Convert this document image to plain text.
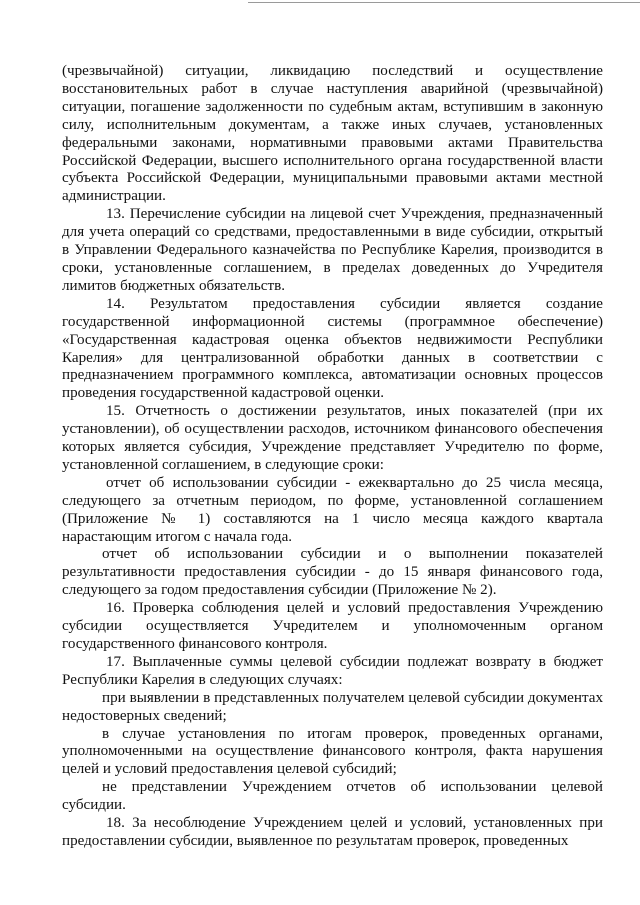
(чрезвычайной) ситуации, ликвидацию последствий и осуществление восстановительных работ в случае наступления аварийной (чрезвычайной) ситуации, погашение задолженности по судебным актам, вступившим в законную силу, исполнительным документам, а также иных случаев, установленных федеральными законами, нормативными правовыми актами Правительства Российской Федерации, высшего исполнительного органа государственной власти субъекта Российской Федерации, муниципальными правовыми актами местной администрации.

13. Перечисление субсидии на лицевой счет Учреждения, предназначенный для учета операций со средствами, предоставленными в виде субсидии, открытый в Управлении Федерального казначейства по Республике Карелия, производится в сроки, установленные соглашением, в пределах доведенных до Учредителя лимитов бюджетных обязательств.

14. Результатом предоставления субсидии является создание государственной информационной системы (программное обеспечение) «Государственная кадастровая оценка объектов недвижимости Республики Карелия» для централизованной обработки данных в соответствии с предназначением программного комплекса, автоматизации основных процессов проведения государственной кадастровой оценки.

15. Отчетность о достижении результатов, иных показателей (при их установлении), об осуществлении расходов, источником финансового обеспечения которых является субсидия, Учреждение представляет Учредителю по форме, установленной соглашением, в следующие сроки:

отчет об использовании субсидии - ежеквартально до 25 числа месяца, следующего за отчетным периодом, по форме, установленной соглашением (Приложение № 1) составляются на 1 число месяца каждого квартала нарастающим итогом с начала года.

отчет об использовании субсидии и о выполнении показателей результативности предоставления субсидии - до 15 января финансового года, следующего за годом предоставления субсидии (Приложение № 2).

16. Проверка соблюдения целей и условий предоставления Учреждению субсидии осуществляется Учредителем и уполномоченным органом государственного финансового контроля.

17. Выплаченные суммы целевой субсидии подлежат возврату в бюджет Республики Карелия в следующих случаях:

при выявлении в представленных получателем целевой субсидии документах недостоверных сведений;

в случае установления по итогам проверок, проведенных органами, уполномоченными на осуществление финансового контроля, факта нарушения целей и условий предоставления целевой субсидий;

не представлении Учреждением отчетов об использовании целевой субсидии.

18. За несоблюдение Учреждением целей и условий, установленных при предоставлении субсидии, выявленное по результатам проверок, проведенных
